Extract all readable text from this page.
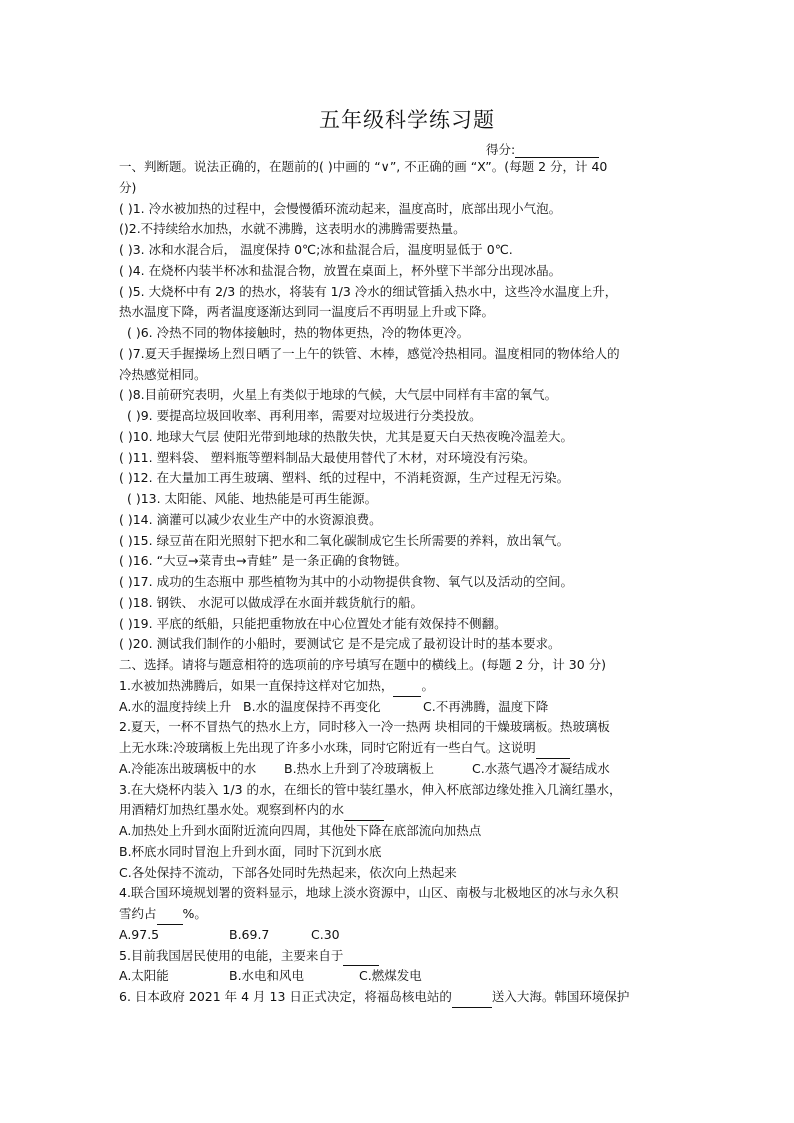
五年级科学练习题
得分:
一、判断题。说法正确的，在题前的( )中画的 “∨”, 不正确的画 “X”。(每题 2 分，计 40
分)
( )1. 冷水被加热的过程中，会慢慢循环流动起来，温度高时，底部出现小气泡。
()2.不持续给水加热，水就不沸腾，这表明水的沸腾需要热量。
( )3. 冰和水混合后， 温度保持 0℃;冰和盐混合后，温度明显低于 0℃.
( )4. 在烧杯内装半杯冰和盐混合物，放置在桌面上，杯外壁下半部分出现冰晶。
( )5. 大烧杯中有 2/3 的热水，将装有 1/3 冷水的细试管插入热水中，这些冷水温度上升，
热水温度下降，两者温度逐渐达到同一温度后不再明显上升或下降。
( )6. 冷热不同的物体接触时，热的物体更热，冷的物体更冷。
( )7.夏天手握操场上烈日晒了一上午的铁管、木棒，感觉冷热相同。温度相同的物体给人的
冷热感觉相同。
( )8.目前研究表明，火星上有类似于地球的气候，大气层中同样有丰富的氧气。
( )9. 要提高垃圾回收率、再利用率，需要对垃圾进行分类投放。
( )10. 地球大气层 使阳光带到地球的热散失快，尤其是夏天白天热夜晚冷温差大。
( )11. 塑料袋、 塑料瓶等塑料制品大最使用替代了木材，对环境没有污染。
( )12. 在大量加工再生玻璃、塑料、纸的过程中，不消耗资源，生产过程无污染。
( )13. 太阳能、风能、地热能是可再生能源。
( )14. 滴灌可以减少农业生产中的水资源浪费。
( )15. 绿豆苗在阳光照射下把水和二氧化碳制成它生长所需要的养料，放出氧气。
( )16. “大豆→菜青虫→青蛙” 是一条正确的食物链。
( )17. 成功的生态瓶中 那些植物为其中的小动物提供食物、氧气以及活动的空间。
( )18. 钢铁、 水泥可以做成浮在水面并载货航行的船。
( )19. 平底的纸船，只能把重物放在中心位置处才能有效保持不侧翻。
( )20. 测试我们制作的小船时，要测试它 是不是完成了最初设计时的基本要求。
二、选择。请将与题意相符的选项前的序号填写在题中的横线上。(每题 2 分，计 30 分)
1.水被加热沸腾后，如果一直保持这样对它加热， 。
A.水的温度持续上升 B.水的温度保持不再变化	C.不再沸腾，温度下降
2.夏天，一杯不冒热气的热水上方，同时移入一冷一热两 块相同的干燥玻璃板。热玻璃板
上无水珠:冷玻璃板上先出现了许多小水珠，同时它附近有一些白气。这说明
A.冷能冻出玻璃板中的水 B.热水上升到了冷玻璃板上	C.水蒸气遇冷才凝结成水
3.在大烧杯内装入 1/3 的水，在细长的管中装红墨水，伸入杯底部边缘处推入几滴红墨水，
用酒精灯加热红墨水处。观察到杯内的水
A.加热处上升到水面附近流向四周，其他处下降在底部流向加热点
B.杯底水同时冒泡上升到水面，同时下沉到水底
C.各处保持不流动，下部各处同时先热起来，依次向上热起来
4.联合国环境规划署的资料显示，地球上淡水资源中，山区、南极与北极地区的冰与永久积
雪约占 %。
A.97.5	B.69.7	C.30
5.目前我国居民使用的电能，主要来自于
A.太阳能	B.水电和风电	C.燃煤发电
6. 日本政府 2021 年 4 月 13 日正式决定，将福岛核电站的	送入大海。韩国环境保护
